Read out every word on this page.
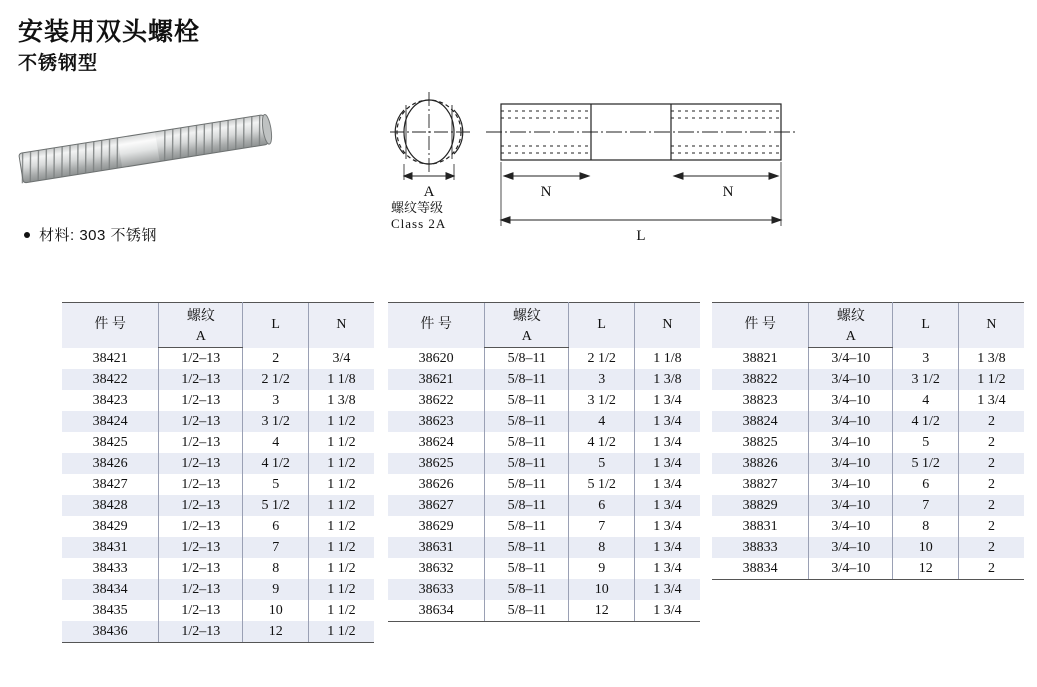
安装用双头螺栓
不锈钢型
材料: 303 不锈钢
A	N	N
L
螺纹等级
Class 2A
件 号	螺纹	L	N
	A		
38421	1/2–13	2	3/4
38422	1/2–13	2 1/2	1 1/8
38423	1/2–13	3	1 3/8
38424	1/2–13	3 1/2	1 1/2
38425	1/2–13	4	1 1/2
38426	1/2–13	4 1/2	1 1/2
38427	1/2–13	5	1 1/2
38428	1/2–13	5 1/2	1 1/2
38429	1/2–13	6	1 1/2
38431	1/2–13	7	1 1/2
38433	1/2–13	8	1 1/2
38434	1/2–13	9	1 1/2
38435	1/2–13	10	1 1/2
38436	1/2–13	12	1 1/2
件 号	螺纹	L	N
	A		
38620	5/8–11	2 1/2	1 1/8
38621	5/8–11	3	1 3/8
38622	5/8–11	3 1/2	1 3/4
38623	5/8–11	4	1 3/4
38624	5/8–11	4 1/2	1 3/4
38625	5/8–11	5	1 3/4
38626	5/8–11	5 1/2	1 3/4
38627	5/8–11	6	1 3/4
38629	5/8–11	7	1 3/4
38631	5/8–11	8	1 3/4
38632	5/8–11	9	1 3/4
38633	5/8–11	10	1 3/4
38634	5/8–11	12	1 3/4
件 号	螺纹	L	N
	A		
38821	3/4–10	3	1 3/8
38822	3/4–10	3 1/2	1 1/2
38823	3/4–10	4	1 3/4
38824	3/4–10	4 1/2	2
38825	3/4–10	5	2
38826	3/4–10	5 1/2	2
38827	3/4–10	6	2
38829	3/4–10	7	2
38831	3/4–10	8	2
38833	3/4–10	10	2
38834	3/4–10	12	2
